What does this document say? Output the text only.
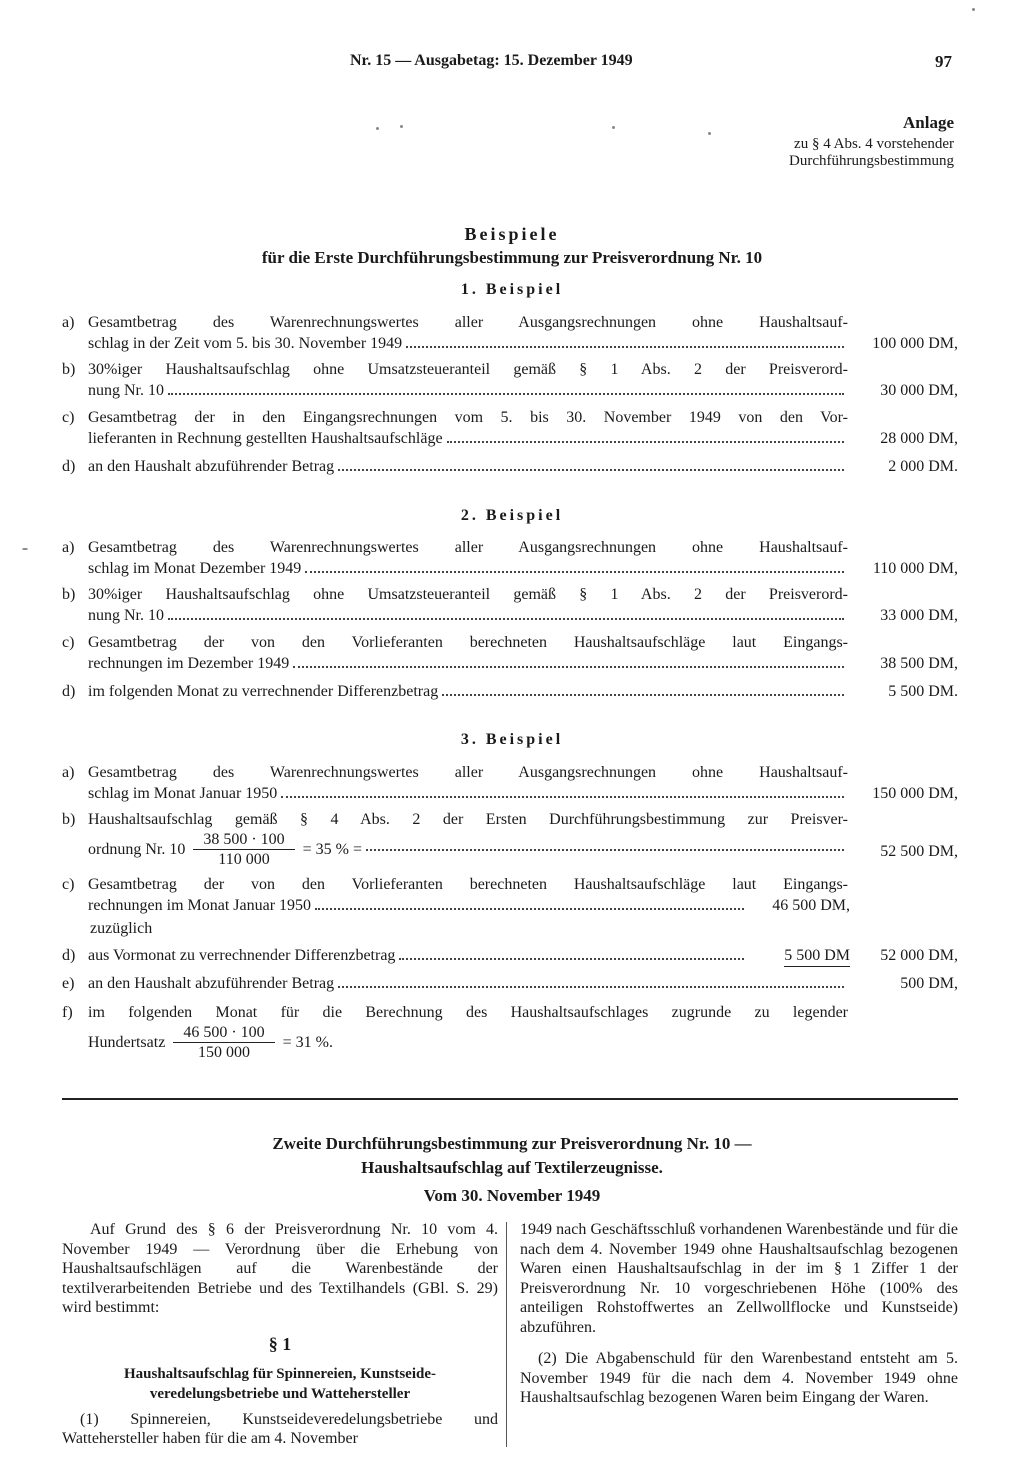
Nr. 15 — Ausgabetag: 15. Dezember 1949	97
Anlage
zu § 4 Abs. 4 vorstehender
Durchführungsbestimmung
Beispiele
für die Erste Durchführungsbestimmung zur Preisverordnung Nr. 10
1. Beispiel
a) Gesamtbetrag des Warenrechnungswertes aller Ausgangsrechnungen ohne Haushaltsauf-
schlag in der Zeit vom 5. bis 30. November 1949	100 000 DM,
b) 30%iger Haushaltsaufschlag ohne Umsatzsteueranteil gemäß § 1 Abs. 2 der Preisverord-
nung Nr. 10	30 000 DM,
c) Gesamtbetrag der in den Eingangsrechnungen vom 5. bis 30. November 1949 von den Vor-
lieferanten in Rechnung gestellten Haushaltsaufschläge	28 000 DM,
d) an den Haushalt abzuführender Betrag	2 000 DM.
2. Beispiel
a) Gesamtbetrag des Warenrechnungswertes aller Ausgangsrechnungen ohne Haushaltsauf-
schlag im Monat Dezember 1949	110 000 DM,
b) 30%iger Haushaltsaufschlag ohne Umsatzsteueranteil gemäß § 1 Abs. 2 der Preisverord-
nung Nr. 10	33 000 DM,
c) Gesamtbetrag der von den Vorlieferanten berechneten Haushaltsaufschläge laut Eingangs-
rechnungen im Dezember 1949	38 500 DM,
d) im folgenden Monat zu verrechnender Differenzbetrag	5 500 DM.
3. Beispiel
a) Gesamtbetrag des Warenrechnungswertes aller Ausgangsrechnungen ohne Haushaltsauf-
schlag im Monat Januar 1950	150 000 DM,
b) Haushaltsaufschlag gemäß § 4 Abs. 2 der Ersten Durchführungsbestimmung zur Preisver-
ordnung Nr. $10 \frac{38 500 \cdot 100}{110 000} = 35$ % =	52 500 DM,
c) Gesamtbetrag der von den Vorlieferanten berechneten Haushaltsaufschläge laut Eingangs-
rechnungen im Monat Januar 1950	46 500 DM,
zuzüglich
d) aus Vormonat zu verrechnender Differenzbetrag	5 500 DM 52 000 DM,
e) an den Haushalt abzuführender Betrag	500 DM,
f) im folgenden Monat für die Berechnung des Haushaltsaufschlages zugrunde zu legender
Hundertsatz $\frac{46 500 \cdot 100}{150 000} = 31$ %.
Zweite Durchführungsbestimmung zur Preisverordnung Nr. 10 —
Haushaltsaufschlag auf Textilerzeugnisse.
Vom 30. November 1949
Auf Grund des § 6 der Preisverordnung Nr. 10 vom 4. November 1949 — Verordnung über die Erhebung von Haushaltsaufschlägen auf die Warenbestände der textilverarbeitenden Betriebe und des Textilhandels (GBl. S. 29) wird bestimmt:
§ 1
Haushaltsaufschlag für Spinnereien, Kunstseide-veredelungsbetriebe und Wattehersteller
(1) Spinnereien, Kunstseideveredelungsbetriebe und Wattehersteller haben für die am 4. November
1949 nach Geschäftsschluß vorhandenen Warenbestände und für die nach dem 4. November 1949 ohne Haushaltsaufschlag bezogenen Waren einen Haushaltsaufschlag in der im § 1 Ziffer 1 der Preisverordnung Nr. 10 vorgeschriebenen Höhe (100% des anteiligen Rohstoffwertes an Zellwollflocke und Kunstseide) abzuführen.
(2) Die Abgabenschuld für den Warenbestand entsteht am 5. November 1949 für die nach dem 4. November 1949 ohne Haushaltsaufschlag bezogenen Waren beim Eingang der Waren.
